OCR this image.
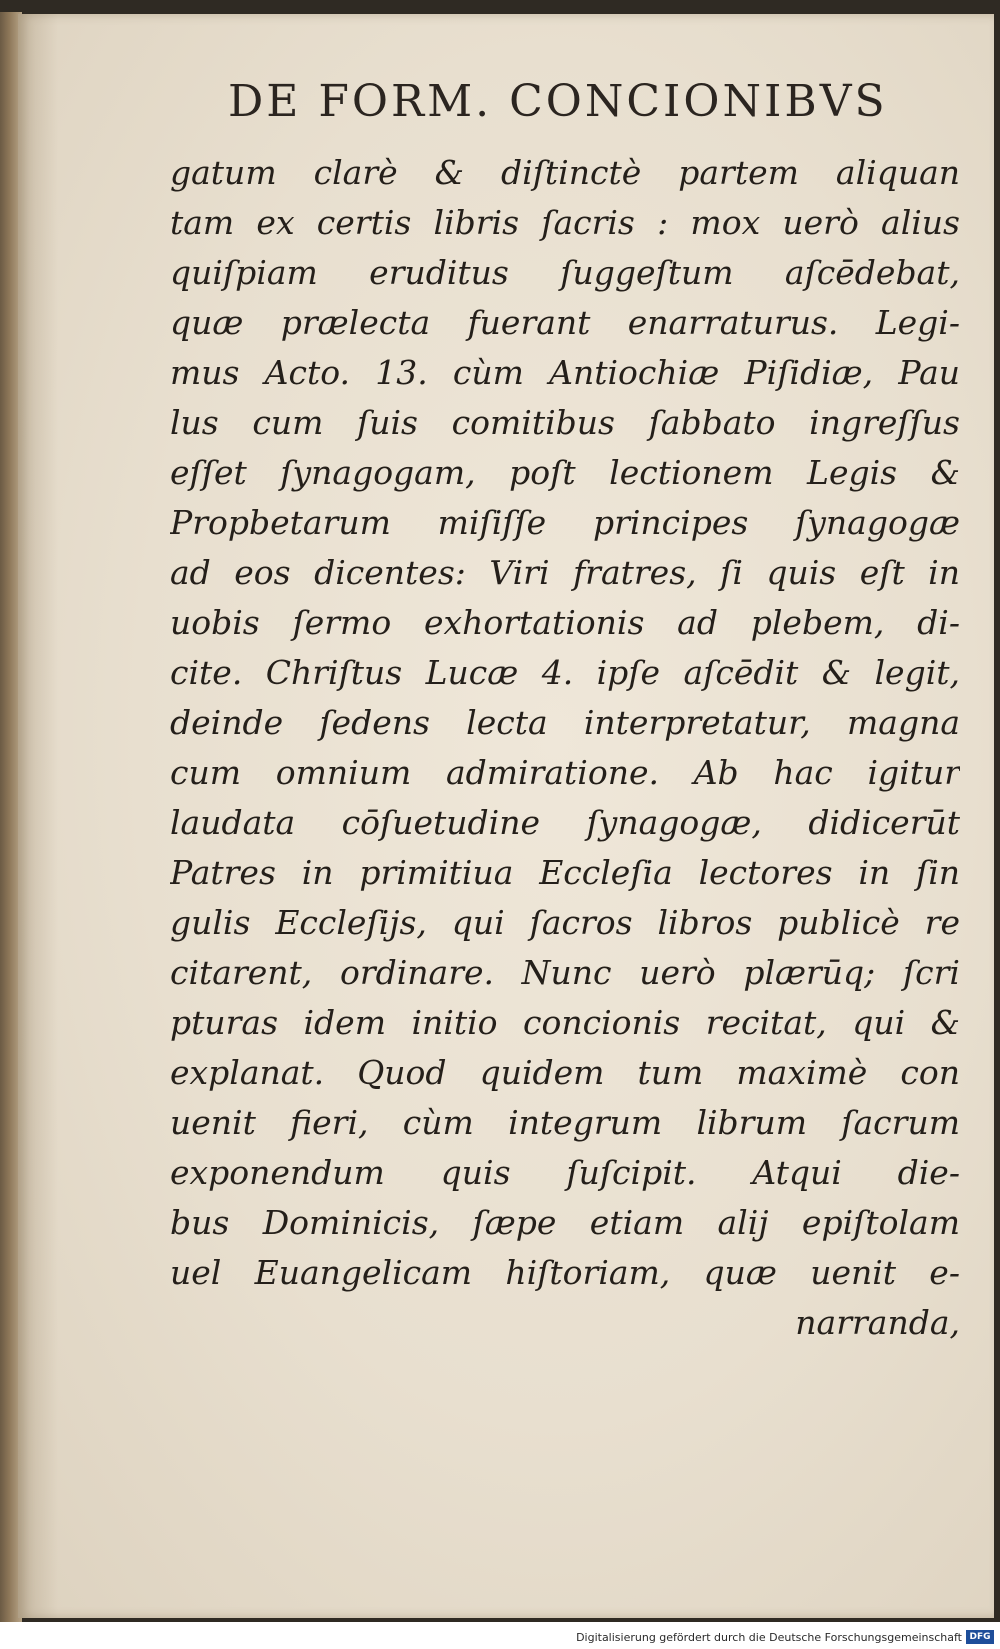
DE FORM. CONCIONIBVS
gatum clarè & diſtinctè partem aliquan
tam ex certis libris ſacris : mox uerò alius
quiſpiam eruditus ſuggeſtum aſcēdebat,
quæ prælecta fuerant enarraturus. Legi-
mus Acto. 13. cùm Antiochiæ Piſidiæ, Pau
lus cum ſuis comitibus ſabbato ingreſſus
eſſet ſynagogam, poſt lectionem Legis &
Propbetarum miſiſſe principes ſynagogæ
ad eos dicentes: Viri fratres, ſi quis eſt in
uobis ſermo exhortationis ad plebem, di-
cite. Chriſtus Lucæ 4. ipſe aſcēdit & legit,
deinde ſedens lecta interpretatur, magna
cum omnium admiratione. Ab hac igitur
laudata cōſuetudine ſynagogæ, didicerūt
Patres in primitiua Eccleſia lectores in ſin
gulis Eccleſijs, qui ſacros libros publicè re
citarent, ordinare. Nunc uerò plærūq; ſcri
pturas idem initio concionis recitat, qui &
explanat. Quod quidem tum maximè con
uenit fieri, cùm integrum librum ſacrum
exponendum quis ſuſcipit. Atqui die-
bus Dominicis, ſæpe etiam alij epiſtolam
uel Euangelicam hiſtoriam, quæ uenit e-
narranda,
Digitalisierung gefördert durch die Deutsche Forschungsgemeinschaft DFG
